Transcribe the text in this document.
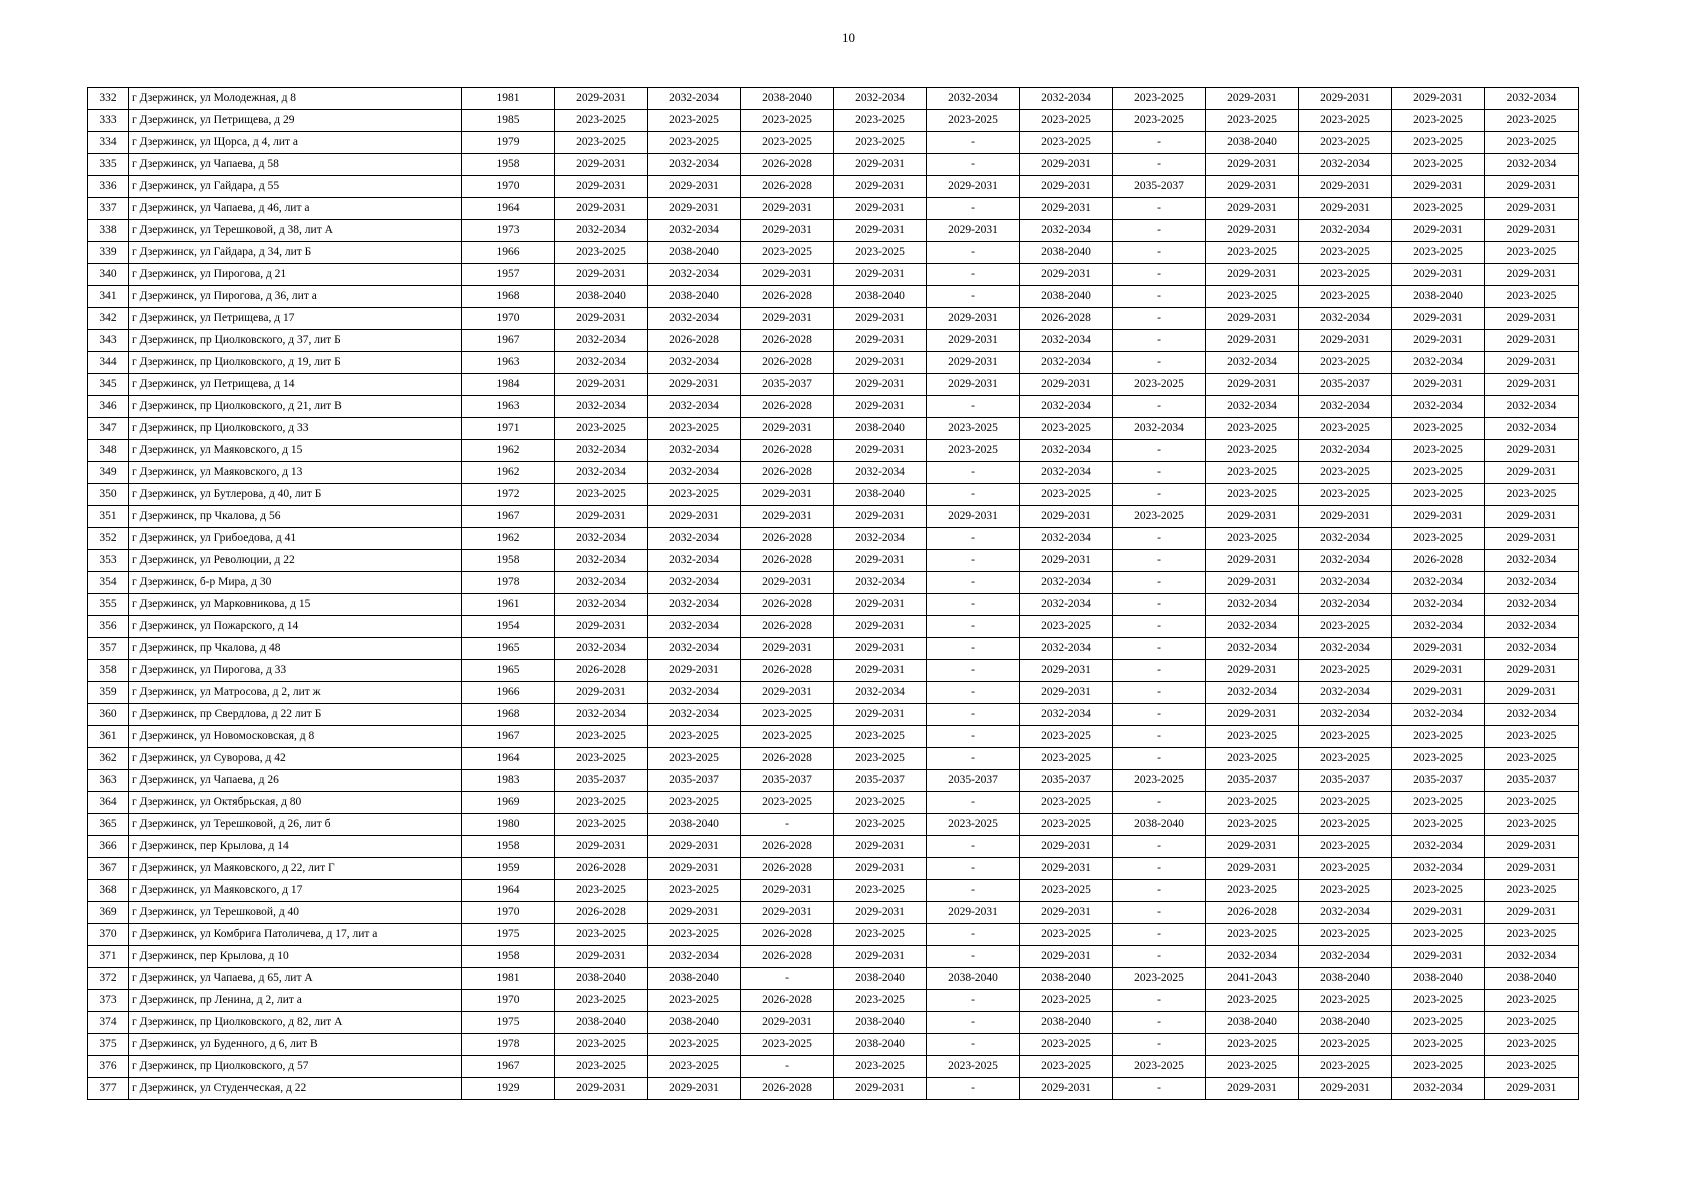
10
332	г Дзержинск, ул Молодежная, д 8	1981	2029-2031	2032-2034	2038-2040	2032-2034	2032-2034	2032-2034	2023-2025	2029-2031	2029-2031	2029-2031	2032-2034
333	г Дзержинск, ул Петрищева, д 29	1985	2023-2025	2023-2025	2023-2025	2023-2025	2023-2025	2023-2025	2023-2025	2023-2025	2023-2025	2023-2025	2023-2025
334	г Дзержинск, ул Щорса, д 4, лит а	1979	2023-2025	2023-2025	2023-2025	2023-2025	-	2023-2025	-	2038-2040	2023-2025	2023-2025	2023-2025
335	г Дзержинск, ул Чапаева, д 58	1958	2029-2031	2032-2034	2026-2028	2029-2031	-	2029-2031	-	2029-2031	2032-2034	2023-2025	2032-2034
336	г Дзержинск, ул Гайдара, д 55	1970	2029-2031	2029-2031	2026-2028	2029-2031	2029-2031	2029-2031	2035-2037	2029-2031	2029-2031	2029-2031	2029-2031
337	г Дзержинск, ул Чапаева, д 46, лит а	1964	2029-2031	2029-2031	2029-2031	2029-2031	-	2029-2031	-	2029-2031	2029-2031	2023-2025	2029-2031
338	г Дзержинск, ул Терешковой, д 38, лит А	1973	2032-2034	2032-2034	2029-2031	2029-2031	2029-2031	2032-2034	-	2029-2031	2032-2034	2029-2031	2029-2031
339	г Дзержинск, ул Гайдара, д 34, лит Б	1966	2023-2025	2038-2040	2023-2025	2023-2025	-	2038-2040	-	2023-2025	2023-2025	2023-2025	2023-2025
340	г Дзержинск, ул Пирогова, д 21	1957	2029-2031	2032-2034	2029-2031	2029-2031	-	2029-2031	-	2029-2031	2023-2025	2029-2031	2029-2031
341	г Дзержинск, ул Пирогова, д 36, лит а	1968	2038-2040	2038-2040	2026-2028	2038-2040	-	2038-2040	-	2023-2025	2023-2025	2038-2040	2023-2025
342	г Дзержинск, ул Петрищева, д 17	1970	2029-2031	2032-2034	2029-2031	2029-2031	2029-2031	2026-2028	-	2029-2031	2032-2034	2029-2031	2029-2031
343	г Дзержинск, пр Циолковского, д 37, лит Б	1967	2032-2034	2026-2028	2026-2028	2029-2031	2029-2031	2032-2034	-	2029-2031	2029-2031	2029-2031	2029-2031
344	г Дзержинск, пр Циолковского, д 19, лит Б	1963	2032-2034	2032-2034	2026-2028	2029-2031	2029-2031	2032-2034	-	2032-2034	2023-2025	2032-2034	2029-2031
345	г Дзержинск, ул Петрищева, д 14	1984	2029-2031	2029-2031	2035-2037	2029-2031	2029-2031	2029-2031	2023-2025	2029-2031	2035-2037	2029-2031	2029-2031
346	г Дзержинск, пр Циолковского, д 21, лит В	1963	2032-2034	2032-2034	2026-2028	2029-2031	-	2032-2034	-	2032-2034	2032-2034	2032-2034	2032-2034
347	г Дзержинск, пр Циолковского, д 33	1971	2023-2025	2023-2025	2029-2031	2038-2040	2023-2025	2023-2025	2032-2034	2023-2025	2023-2025	2023-2025	2032-2034
348	г Дзержинск, ул Маяковского, д 15	1962	2032-2034	2032-2034	2026-2028	2029-2031	2023-2025	2032-2034	-	2023-2025	2032-2034	2023-2025	2029-2031
349	г Дзержинск, ул Маяковского, д 13	1962	2032-2034	2032-2034	2026-2028	2032-2034	-	2032-2034	-	2023-2025	2023-2025	2023-2025	2029-2031
350	г Дзержинск, ул Бутлерова, д 40, лит Б	1972	2023-2025	2023-2025	2029-2031	2038-2040	-	2023-2025	-	2023-2025	2023-2025	2023-2025	2023-2025
351	г Дзержинск, пр Чкалова, д 56	1967	2029-2031	2029-2031	2029-2031	2029-2031	2029-2031	2029-2031	2023-2025	2029-2031	2029-2031	2029-2031	2029-2031
352	г Дзержинск, ул Грибоедова, д 41	1962	2032-2034	2032-2034	2026-2028	2032-2034	-	2032-2034	-	2023-2025	2032-2034	2023-2025	2029-2031
353	г Дзержинск, ул Революции, д 22	1958	2032-2034	2032-2034	2026-2028	2029-2031	-	2029-2031	-	2029-2031	2032-2034	2026-2028	2032-2034
354	г Дзержинск, б-р Мира, д 30	1978	2032-2034	2032-2034	2029-2031	2032-2034	-	2032-2034	-	2029-2031	2032-2034	2032-2034	2032-2034
355	г Дзержинск, ул Марковникова, д 15	1961	2032-2034	2032-2034	2026-2028	2029-2031	-	2032-2034	-	2032-2034	2032-2034	2032-2034	2032-2034
356	г Дзержинск, ул Пожарского, д 14	1954	2029-2031	2032-2034	2026-2028	2029-2031	-	2023-2025	-	2032-2034	2023-2025	2032-2034	2032-2034
357	г Дзержинск, пр Чкалова, д 48	1965	2032-2034	2032-2034	2029-2031	2029-2031	-	2032-2034	-	2032-2034	2032-2034	2029-2031	2032-2034
358	г Дзержинск, ул Пирогова, д 33	1965	2026-2028	2029-2031	2026-2028	2029-2031	-	2029-2031	-	2029-2031	2023-2025	2029-2031	2029-2031
359	г Дзержинск, ул Матросова, д 2, лит ж	1966	2029-2031	2032-2034	2029-2031	2032-2034	-	2029-2031	-	2032-2034	2032-2034	2029-2031	2029-2031
360	г Дзержинск, пр Свердлова, д 22 лит Б	1968	2032-2034	2032-2034	2023-2025	2029-2031	-	2032-2034	-	2029-2031	2032-2034	2032-2034	2032-2034
361	г Дзержинск, ул Новомосковская, д 8	1967	2023-2025	2023-2025	2023-2025	2023-2025	-	2023-2025	-	2023-2025	2023-2025	2023-2025	2023-2025
362	г Дзержинск, ул Суворова, д 42	1964	2023-2025	2023-2025	2026-2028	2023-2025	-	2023-2025	-	2023-2025	2023-2025	2023-2025	2023-2025
363	г Дзержинск, ул Чапаева, д 26	1983	2035-2037	2035-2037	2035-2037	2035-2037	2035-2037	2035-2037	2023-2025	2035-2037	2035-2037	2035-2037	2035-2037
364	г Дзержинск, ул Октябрьская, д 80	1969	2023-2025	2023-2025	2023-2025	2023-2025	-	2023-2025	-	2023-2025	2023-2025	2023-2025	2023-2025
365	г Дзержинск, ул Терешковой, д 26, лит б	1980	2023-2025	2038-2040	-	2023-2025	2023-2025	2023-2025	2038-2040	2023-2025	2023-2025	2023-2025	2023-2025
366	г Дзержинск, пер Крылова, д 14	1958	2029-2031	2029-2031	2026-2028	2029-2031	-	2029-2031	-	2029-2031	2023-2025	2032-2034	2029-2031
367	г Дзержинск, ул Маяковского, д 22, лит Г	1959	2026-2028	2029-2031	2026-2028	2029-2031	-	2029-2031	-	2029-2031	2023-2025	2032-2034	2029-2031
368	г Дзержинск, ул Маяковского, д 17	1964	2023-2025	2023-2025	2029-2031	2023-2025	-	2023-2025	-	2023-2025	2023-2025	2023-2025	2023-2025
369	г Дзержинск, ул Терешковой, д 40	1970	2026-2028	2029-2031	2029-2031	2029-2031	2029-2031	2029-2031	-	2026-2028	2032-2034	2029-2031	2029-2031
370	г Дзержинск, ул Комбрига Патоличева, д 17, лит а	1975	2023-2025	2023-2025	2026-2028	2023-2025	-	2023-2025	-	2023-2025	2023-2025	2023-2025	2023-2025
371	г Дзержинск, пер Крылова, д 10	1958	2029-2031	2032-2034	2026-2028	2029-2031	-	2029-2031	-	2032-2034	2032-2034	2029-2031	2032-2034
372	г Дзержинск, ул Чапаева, д 65, лит А	1981	2038-2040	2038-2040	-	2038-2040	2038-2040	2038-2040	2023-2025	2041-2043	2038-2040	2038-2040	2038-2040
373	г Дзержинск, пр Ленина, д 2, лит а	1970	2023-2025	2023-2025	2026-2028	2023-2025	-	2023-2025	-	2023-2025	2023-2025	2023-2025	2023-2025
374	г Дзержинск, пр Циолковского, д 82, лит А	1975	2038-2040	2038-2040	2029-2031	2038-2040	-	2038-2040	-	2038-2040	2038-2040	2023-2025	2023-2025
375	г Дзержинск, ул Буденного, д 6, лит В	1978	2023-2025	2023-2025	2023-2025	2038-2040	-	2023-2025	-	2023-2025	2023-2025	2023-2025	2023-2025
376	г Дзержинск, пр Циолковского, д 57	1967	2023-2025	2023-2025	-	2023-2025	2023-2025	2023-2025	2023-2025	2023-2025	2023-2025	2023-2025	2023-2025
377	г Дзержинск, ул Студенческая, д 22	1929	2029-2031	2029-2031	2026-2028	2029-2031	-	2029-2031	-	2029-2031	2029-2031	2032-2034	2029-2031
